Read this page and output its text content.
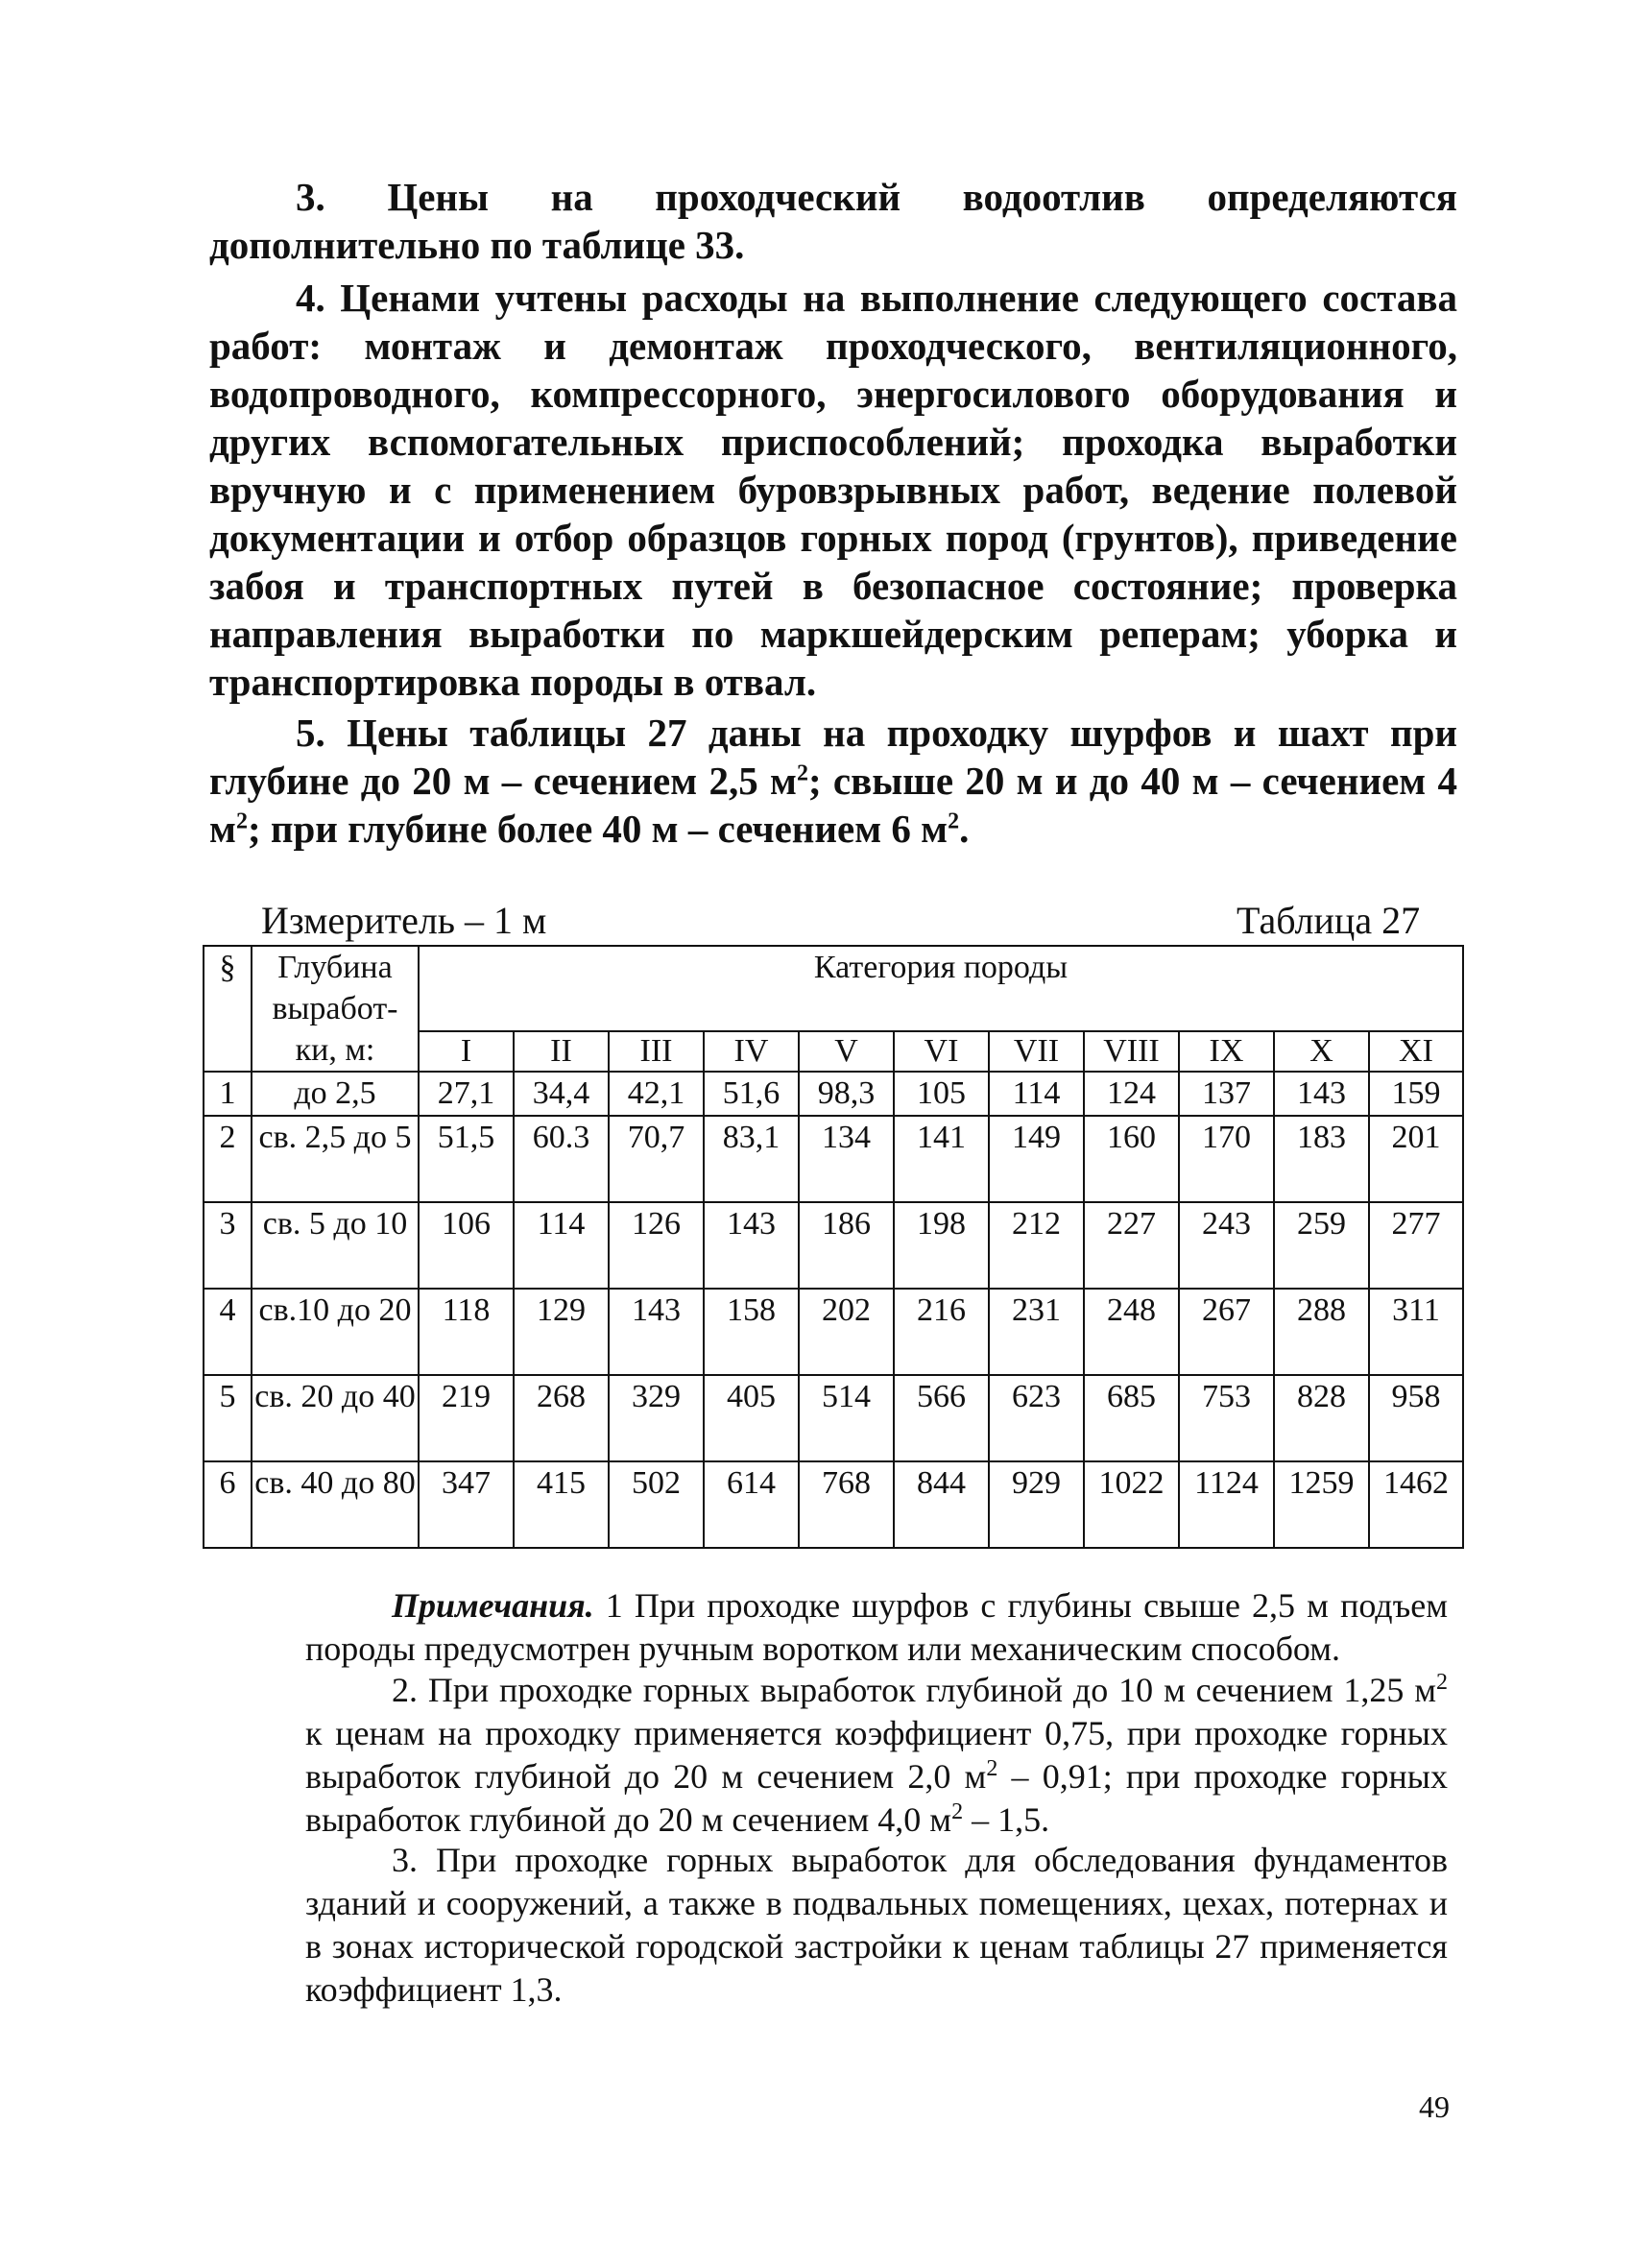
3. Цены на проходческий водоотлив определяются дополнительно по таблице 33.

4. Ценами учтены расходы на выполнение следующего состава работ: монтаж и демонтаж проходческого, вентиляционного, водопроводного, компрессорного, энергосилового оборудования и других вспомогательных приспособлений; проходка выработки вручную и с применением буровзрывных работ, ведение полевой документации и отбор образцов горных пород (грунтов), приведение забоя и транспортных путей в безопасное состояние; проверка направления выработки по маркшейдерским реперам; уборка и транспортировка породы в отвал.

5. Цены таблицы 27 даны на проходку шурфов и шахт при глубине до 20 м – сечением 2,5 $м^2$; свыше 20 м и до 40 м – сечением 4 $м^2$; при глубине более 40 м – сечением 6 $м^2$.

Измеритель – 1 м	Таблица 27
§	Глубина выработ-ки, м:	Категория породы										
		I	II	III	IV	V	VI	VII	VIII	IX	X	XI
1	до 2,5	27,1	34,4	42,1	51,6	98,3	105	114	124	137	143	159
2	св. 2,5 до 5	51,5	60.3	70,7	83,1	134	141	149	160	170	183	201
3	св. 5 до 10	106	114	126	143	186	198	212	227	243	259	277
4	св.10 до 20	118	129	143	158	202	216	231	248	267	288	311
5	св. 20 до 40	219	268	329	405	514	566	623	685	753	828	958
6	св. 40 до 80	347	415	502	614	768	844	929	1022	1124	1259	1462

Примечания. 1 При проходке шурфов с глубины свыше 2,5 м подъем породы предусмотрен ручным воротком или механическим способом.

2. При проходке горных выработок глубиной до 10 м сечением 1,25 $м^2$ к ценам на проходку применяется коэффициент 0,75, при проходке горных выработок глубиной до 20 м сечением 2,0 $м^2 - 0,91$; при проходке горных выработок глубиной до 20 м сечением 4,0 $м^2 - 1,5$.

3. При проходке горных выработок для обследования фундаментов зданий и сооружений, а также в подвальных помещениях, цехах, потернах и в зонах исторической городской застройки к ценам таблицы 27 применяется коэффициент 1,3.

49
